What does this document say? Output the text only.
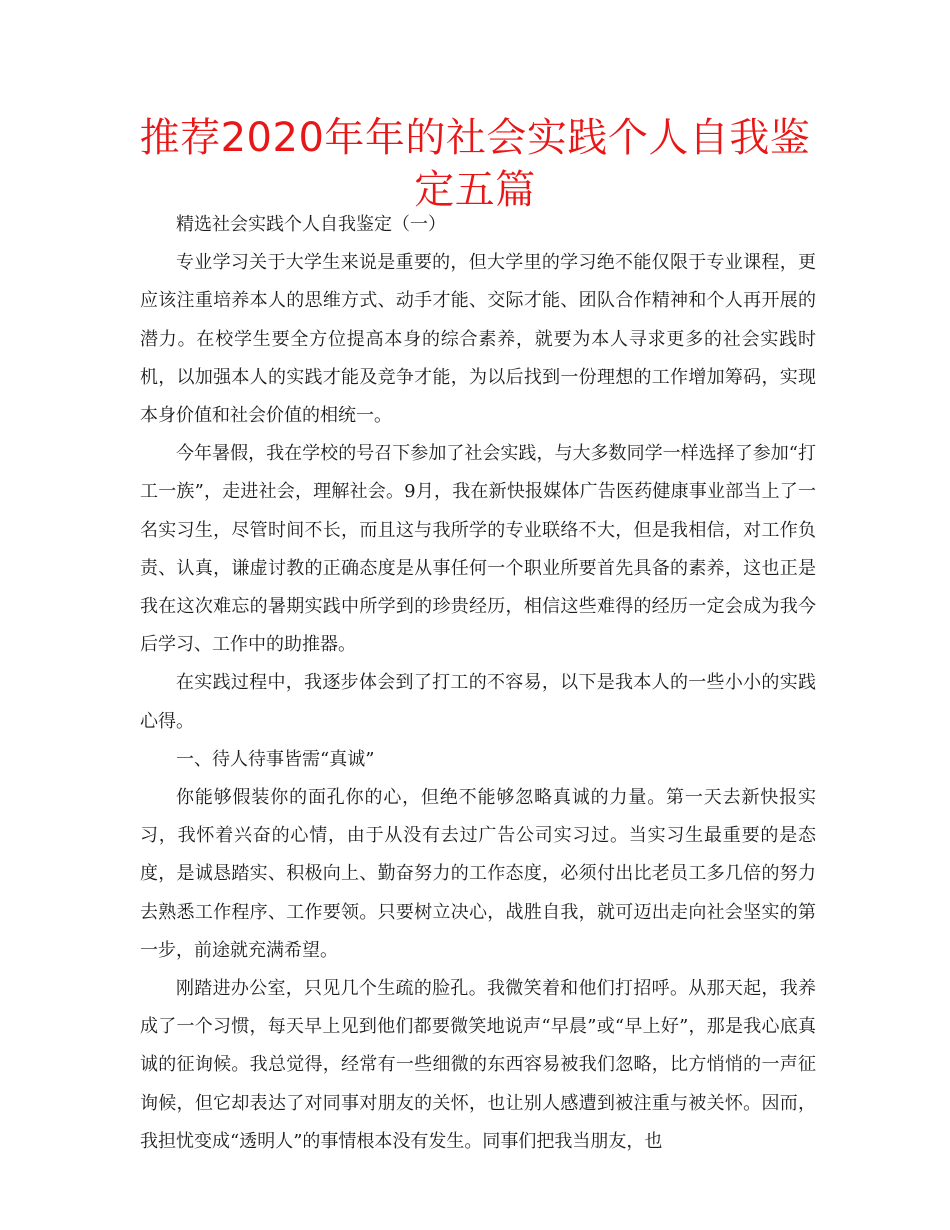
推荐2020年年的社会实践个人自我鉴定五篇

精选社会实践个人自我鉴定（一）

专业学习关于大学生来说是重要的，但大学里的学习绝不能仅限于专业课程，更应该注重培养本人的思维方式、动手才能、交际才能、团队合作精神和个人再开展的潜力。在校学生要全方位提高本身的综合素养，就要为本人寻求更多的社会实践时机，以加强本人的实践才能及竞争才能，为以后找到一份理想的工作增加筹码，实现本身价值和社会价值的相统一。

今年暑假，我在学校的号召下参加了社会实践，与大多数同学一样选择了参加“打工一族”，走进社会，理解社会。9月，我在新快报媒体广告医药健康事业部当上了一名实习生，尽管时间不长，而且这与我所学的专业联络不大，但是我相信，对工作负责、认真，谦虚讨教的正确态度是从事任何一个职业所要首先具备的素养，这也正是我在这次难忘的暑期实践中所学到的珍贵经历，相信这些难得的经历一定会成为我今后学习、工作中的助推器。

在实践过程中，我逐步体会到了打工的不容易，以下是我本人的一些小小的实践心得。

一、待人待事皆需“真诚”

你能够假装你的面孔你的心，但绝不能够忽略真诚的力量。第一天去新快报实习，我怀着兴奋的心情，由于从没有去过广告公司实习过。当实习生最重要的是态度，是诚恳踏实、积极向上、勤奋努力的工作态度，必须付出比老员工多几倍的努力去熟悉工作程序、工作要领。只要树立决心，战胜自我，就可迈出走向社会坚实的第一步，前途就充满希望。

刚踏进办公室，只见几个生疏的脸孔。我微笑着和他们打招呼。从那天起，我养成了一个习惯，每天早上见到他们都要微笑地说声“早晨”或“早上好”，那是我心底真诚的征询候。我总觉得，经常有一些细微的东西容易被我们忽略，比方悄悄的一声征询候，但它却表达了对同事对朋友的关怀，也让别人感遭到被注重与被关怀。因而，我担忧变成“透明人”的事情根本没有发生。同事们把我当朋友，也
